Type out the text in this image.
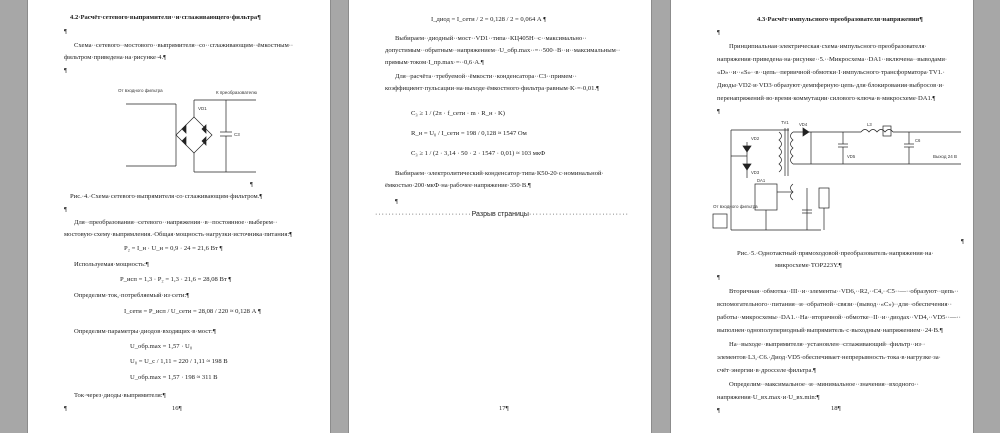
4.2·Расчёт·сетевого·выпрямителя··и·сглаживающего·фильтра¶
¶
Схема··сетевого··мостового··выпрямителя··со··сглаживающим··ёмкостным··
фильтром·приведена·на·рисунке·4.¶
¶
От входного фильтра	К преобразователю
VD1
C3
Рис.·4.·Схема·сетевого·выпрямителя·со·сглаживающим·фильтром.¶
¶
Для··преобразования··сетевого··напряжения··в··постоянное··выберем··
мостовую·схему·выпрямления.·Общая·мощность·нагрузки·источника·питания:¶
P₂ = I_н · U_н = 0,9 · 24 = 21,6 Вт ¶
Используемая·мощность:¶
P_исп = 1,3 · P₂ = 1,3 · 21,6 = 28,08 Вт ¶
Определим·ток,·потребляемый·из·сети:¶
I_сети = P_исп / U_сети = 28,08 / 220 ≈ 0,128 А ¶
Определим·параметры·диодов·входящих·в·мост:¶
U_обр.max = 1,57 · U₀
U₀ = U_с / 1,11 = 220 / 1,11 ≈ 198 В
U_обр.max = 1,57 · 198 ≈ 311 В
Ток·через·диоды·выпрямителя:¶
¶
¶	16¶
I_диод = I_сети / 2 = 0,128 / 2 = 0,064 А ¶
Выбираем··диодный··мост··VD1··типа··КЦ405Н··с··максимально··
допустимым··обратным··напряжением··U_обр.max··=··500··В··и··максимальным··
прямым·током·I_пр.max·=··0,6·А.¶
Для··расчёта··требуемой··ёмкости··конденсатора··С3··примем··
коэффициент·пульсации·на·выходе·ёмкостного·фильтра·равным·K·=·0,01.¶
C₃ ≥ 1 / (2π · f_сети · m · R_н · K)
R_н = U₀ / I_сети = 198 / 0,128 ≈ 1547 Ом
C₃ ≥ 1 / (2 · 3,14 · 50 · 2 · 1547 · 0,01) ≈ 103 мкФ
Выбираем··электролитический·конденсатор·типа·К50-20·с·номинальной·
ёмкостью·200·мкФ·на·рабочее·напряжение·350·В.¶
¶
·····························Разрыв страницы······························
17¶
4.3·Расчёт·импульсного·преобразователя·напряжения¶
¶
Принципиальная·электрическая·схема·импульсного·преобразователя·
напряжения·приведена·на·рисунке··5.··Микросхема··DA1··включена··выводами·
«D»··и··«S»··в··цепь··первичной·обмотки·I·импульсного·трансформатора·TV1.·
Диоды·VD2·и·VD3·образуют·демпферную·цепь·для·блокирования·выбросов·и·
перенапряжений·во·время·коммутации·силового·ключа·в·микросхеме·DA1.¶
¶
От входного фильтра
Выход 24 В
TV1
DA1
VD2
VD3
VD4
VD5
L3
C6
¶
Рис.·5.·Однотактный·прямоходовой·преобразователь·напряжения·на·
микросхеме·TOP223Y.¶
¶
Вторичная··обмотка··III··и··элементы··VD6,··R2,··C4,··C5··—··образуют··цепь··
вспомогательного··питания··и··обратной··связи··(вывод··«C»)··для··обеспечения··
работы··микросхемы··DA1.··На··вторичной··обмотке··II··и··диодах··VD4,··VD5··—··
выполнен·однополупериодный·выпрямитель·с·выходным·напряжением··24·В.¶
На··выходе··выпрямителя··установлен··сглаживающий··фильтр··из··
элементов·L3,·C6.·Диод·VD5·обеспечивает·непрерывность·тока·в·нагрузке·за·
счёт·энергии·в·дросселе·фильтра.¶
Определим··максимальное··и··минимальное··значения··входного··
напряжения·U_вх.max·и·U_вх.min:¶
¶	18¶
